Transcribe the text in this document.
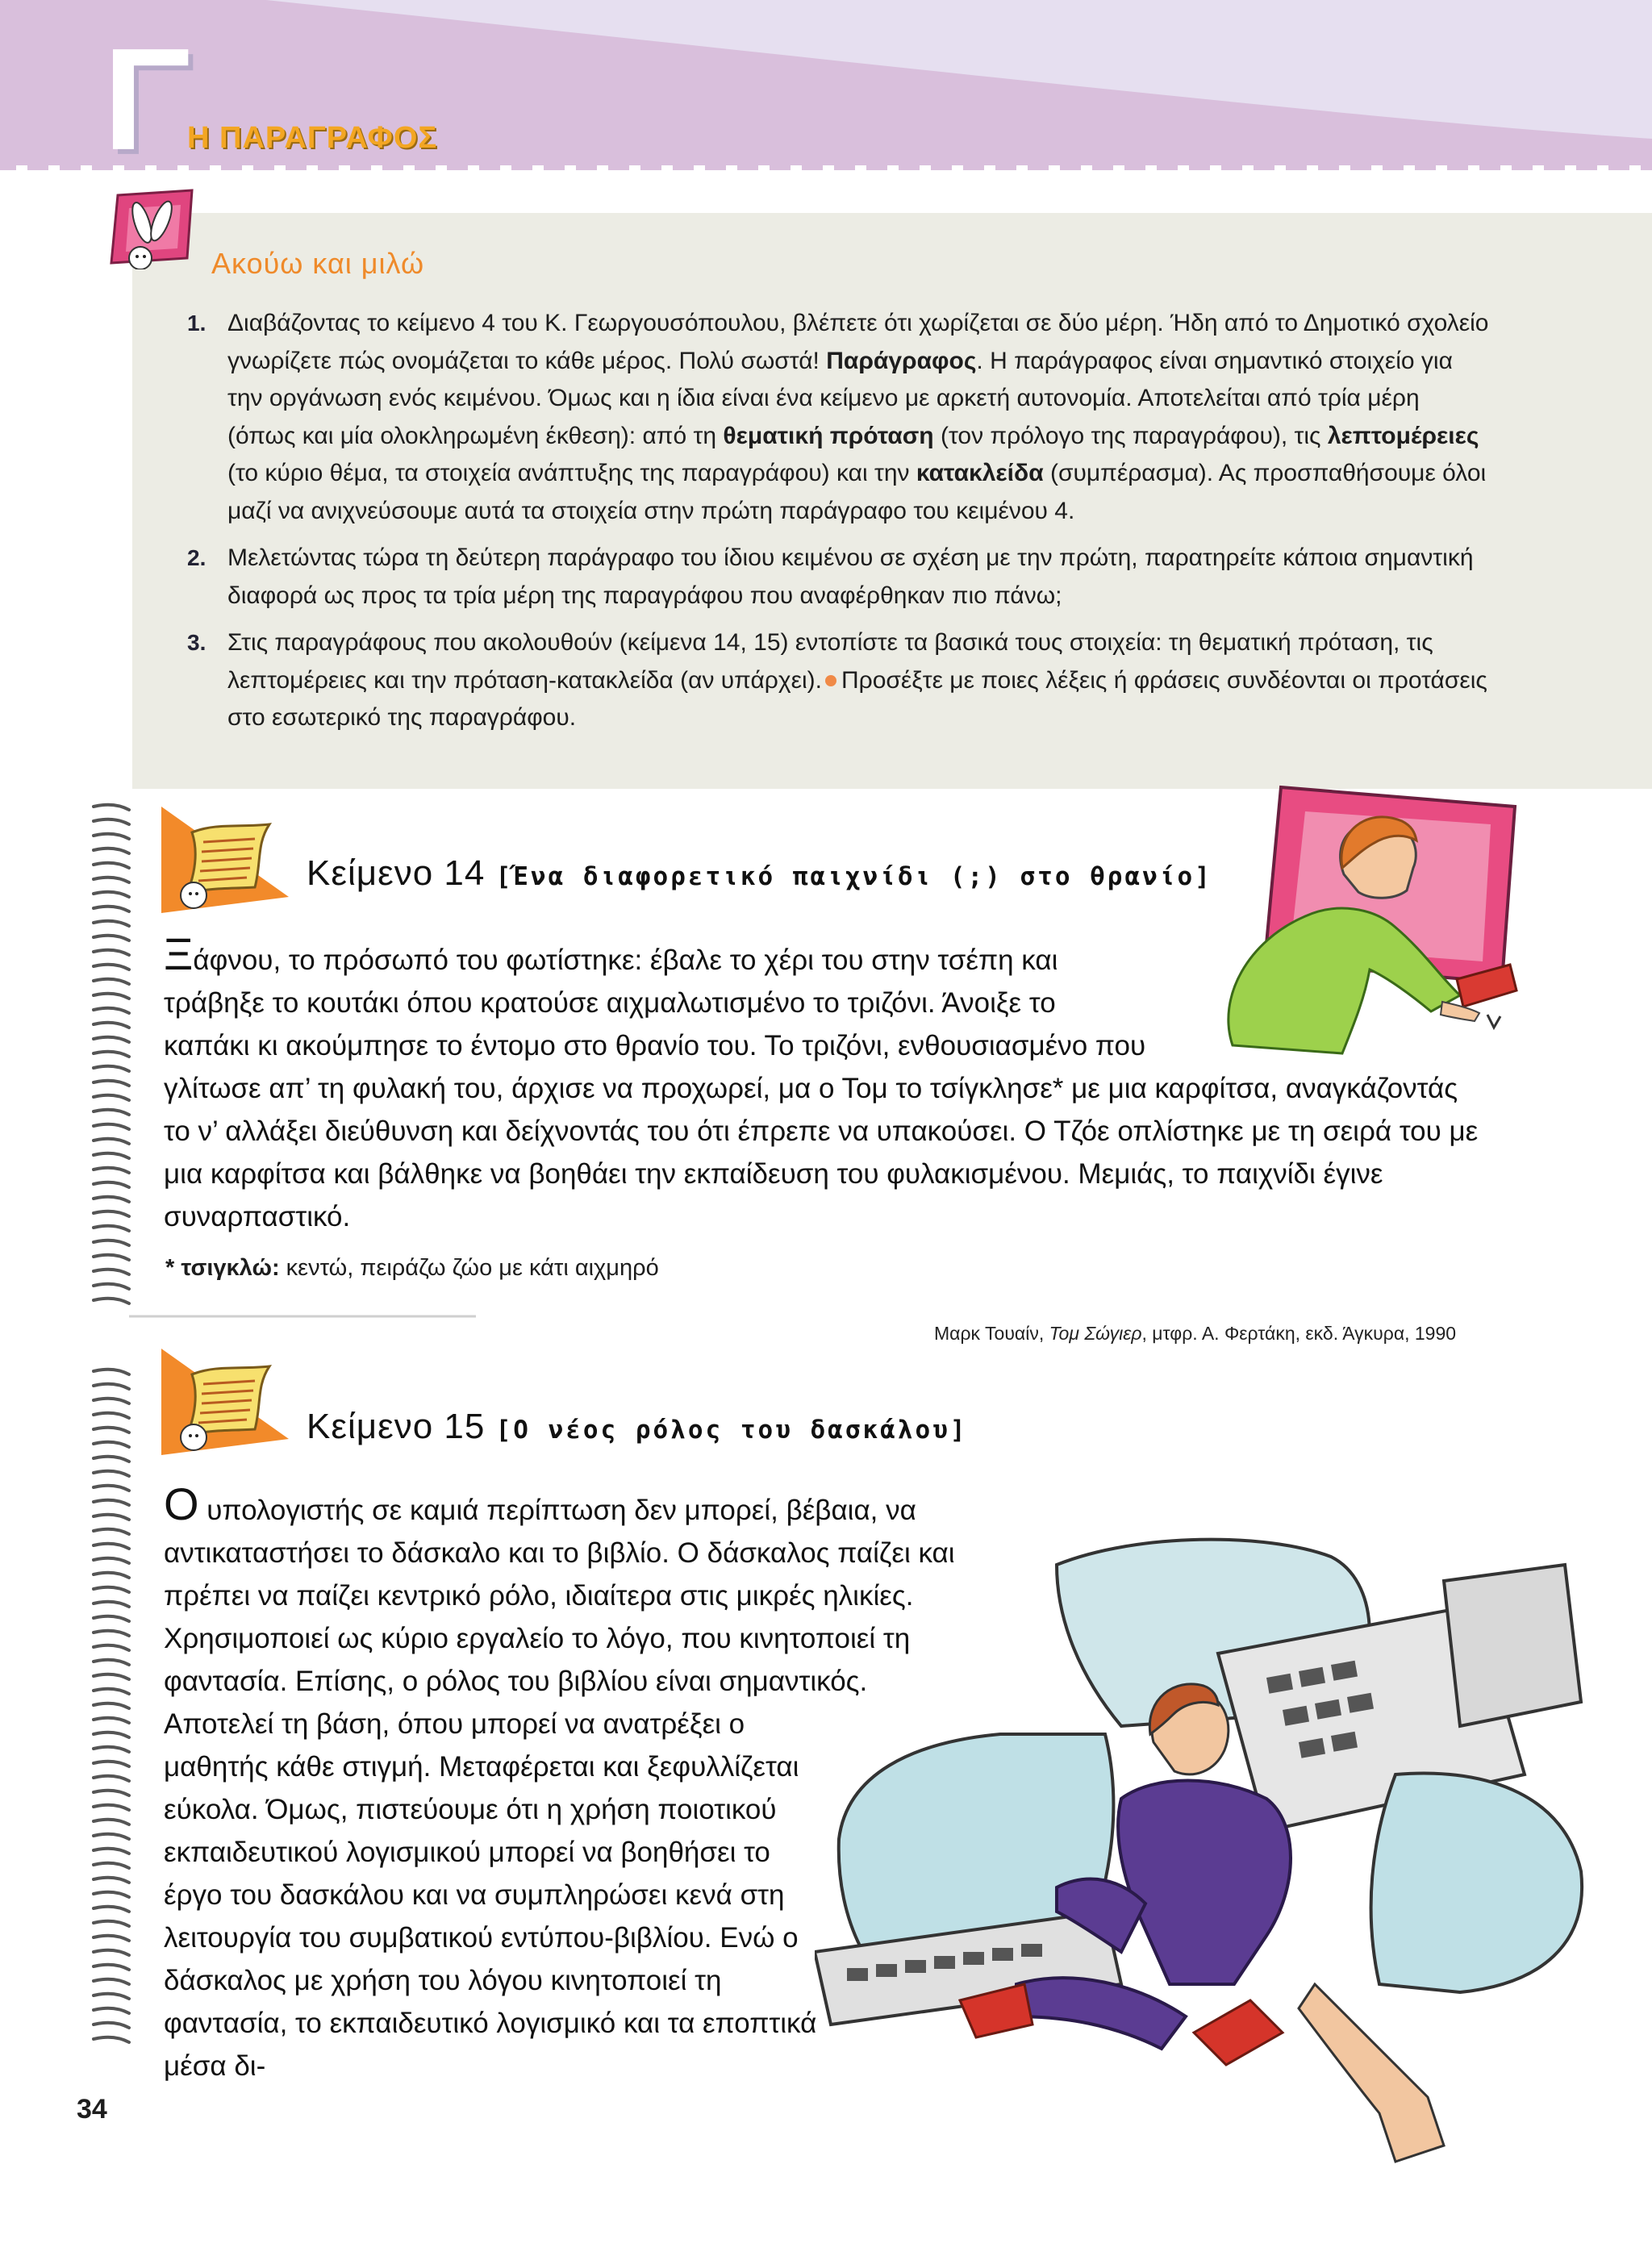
Γ
Η ΠΑΡΑΓΡΑΦΟΣ
Ακούω και μιλώ
1. Διαβάζοντας το κείμενο 4 του Κ. Γεωργουσόπουλου, βλέπετε ότι χωρίζεται σε δύο μέρη. Ήδη από το Δημοτικό σχολείο γνωρίζετε πώς ονομάζεται το κάθε μέρος. Πολύ σωστά! Παράγραφος. Η παράγραφος είναι σημαντικό στοιχείο για την οργάνωση ενός κειμένου. Όμως και η ίδια είναι ένα κείμενο με αρκετή αυτονομία. Αποτελείται από τρία μέρη (όπως και μία ολοκληρωμένη έκθεση): από τη θεματική πρόταση (τον πρόλογο της παραγράφου), τις λεπτομέρειες (το κύριο θέμα, τα στοιχεία ανάπτυξης της παραγράφου) και την κατακλείδα (συμπέρασμα). Ας προσπαθήσουμε όλοι μαζί να ανιχνεύσουμε αυτά τα στοιχεία στην πρώτη παράγραφο του κειμένου 4.
2. Μελετώντας τώρα τη δεύτερη παράγραφο του ίδιου κειμένου σε σχέση με την πρώτη, παρατηρείτε κάποια σημαντική διαφορά ως προς τα τρία μέρη της παραγράφου που αναφέρθηκαν πιο πάνω;
3. Στις παραγράφους που ακολουθούν (κείμενα 14, 15) εντοπίστε τα βασικά τους στοιχεία: τη θεματική πρόταση, τις λεπτομέρειες και την πρόταση-κατακλείδα (αν υπάρχει). Προσέξτε με ποιες λέξεις ή φράσεις συνδέονται οι προτάσεις στο εσωτερικό της παραγράφου.
Κείμενο 14 [Ένα διαφορετικό παιχνίδι (;) στο θρανίο]
Ξάφνου, το πρόσωπό του φωτίστηκε: έβαλε το χέρι του στην τσέπη και τράβηξε το κουτάκι όπου κρατούσε αιχμαλωτισμένο το τριζόνι. Άνοιξε το καπάκι κι ακούμπησε το έντομο στο θρανίο του. Το τριζόνι, ενθουσιασμένο που γλίτωσε απ’ τη φυλακή του, άρχισε να προχωρεί, μα ο Τομ το τσίγκλησε* με μια καρφίτσα, αναγκάζοντάς το ν’ αλλάξει διεύθυνση και δείχνοντάς του ότι έπρεπε να υπακούσει. Ο Τζόε οπλίστηκε με τη σειρά του με μια καρφίτσα και βάλθηκε να βοηθάει την εκπαίδευση του φυλακισμένου. Μεμιάς, το παιχνίδι έγινε συναρπαστικό.
* τσιγκλώ: κεντώ, πειράζω ζώο με κάτι αιχμηρό
Μαρκ Τουαίν, Τομ Σώγιερ, μτφρ. Α. Φερτάκη, εκδ. Άγκυρα, 1990
Κείμενο 15 [Ο νέος ρόλος του δασκάλου]
Ο υπολογιστής σε καμιά περίπτωση δεν μπορεί, βέβαια, να αντικαταστήσει το δάσκαλο και το βιβλίο. Ο δάσκαλος παίζει και πρέπει να παίζει κεντρικό ρόλο, ιδιαίτερα στις μικρές ηλικίες. Χρησιμοποιεί ως κύριο εργαλείο το λόγο, που κινητοποιεί τη φαντασία. Επίσης, ο ρόλος του βιβλίου είναι σημαντικός. Αποτελεί τη βάση, όπου μπορεί να ανατρέξει ο μαθητής κάθε στιγμή. Μεταφέρεται και ξεφυλλίζεται εύκολα. Όμως, πιστεύουμε ότι η χρήση ποιοτικού εκπαιδευτικού λογισμικού μπορεί να βοηθήσει το έργο του δασκάλου και να συμπληρώσει κενά στη λειτουργία του συμβατικού εντύπου-βιβλίου. Ενώ ο δάσκαλος με χρήση του λόγου κινητοποιεί τη φαντασία, το εκπαιδευτικό λογισμικό και τα εποπτικά μέσα δι-
34
